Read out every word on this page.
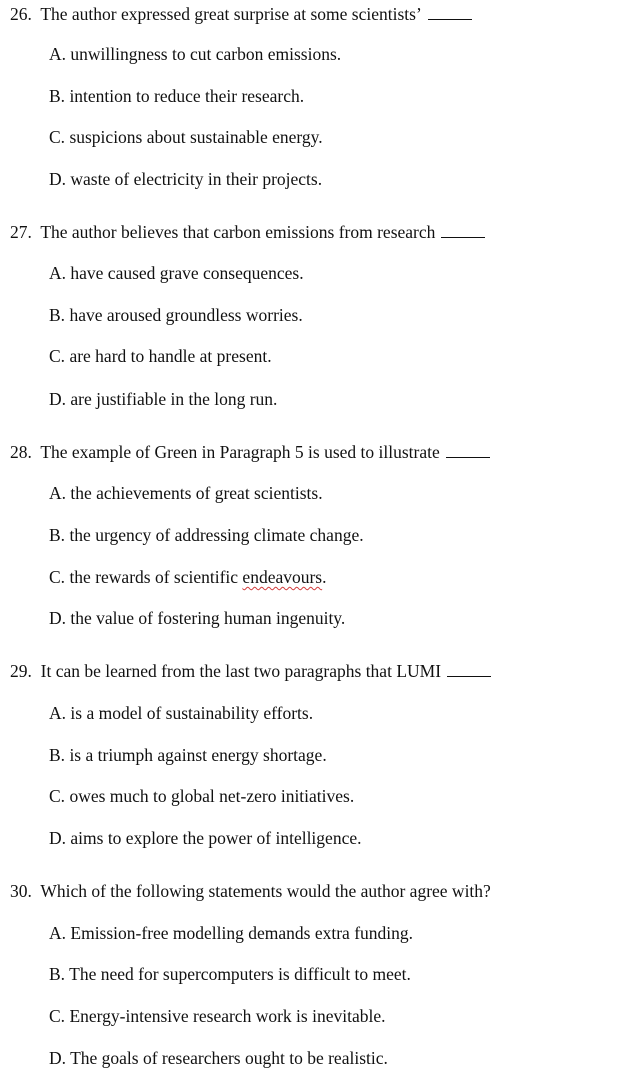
26. The author expressed great surprise at some scientists’
A. unwillingness to cut carbon emissions.
B. intention to reduce their research.
C. suspicions about sustainable energy.
D. waste of electricity in their projects.
27. The author believes that carbon emissions from research
A. have caused grave consequences.
B. have aroused groundless worries.
C. are hard to handle at present.
D. are justifiable in the long run.
28. The example of Green in Paragraph 5 is used to illustrate
A. the achievements of great scientists.
B. the urgency of addressing climate change.
C. the rewards of scientific endeavours.
D. the value of fostering human ingenuity.
29. It can be learned from the last two paragraphs that LUMI
A. is a model of sustainability efforts.
B. is a triumph against energy shortage.
C. owes much to global net-zero initiatives.
D. aims to explore the power of intelligence.
30. Which of the following statements would the author agree with?
A. Emission-free modelling demands extra funding.
B. The need for supercomputers is difficult to meet.
C. Energy-intensive research work is inevitable.
D. The goals of researchers ought to be realistic.
